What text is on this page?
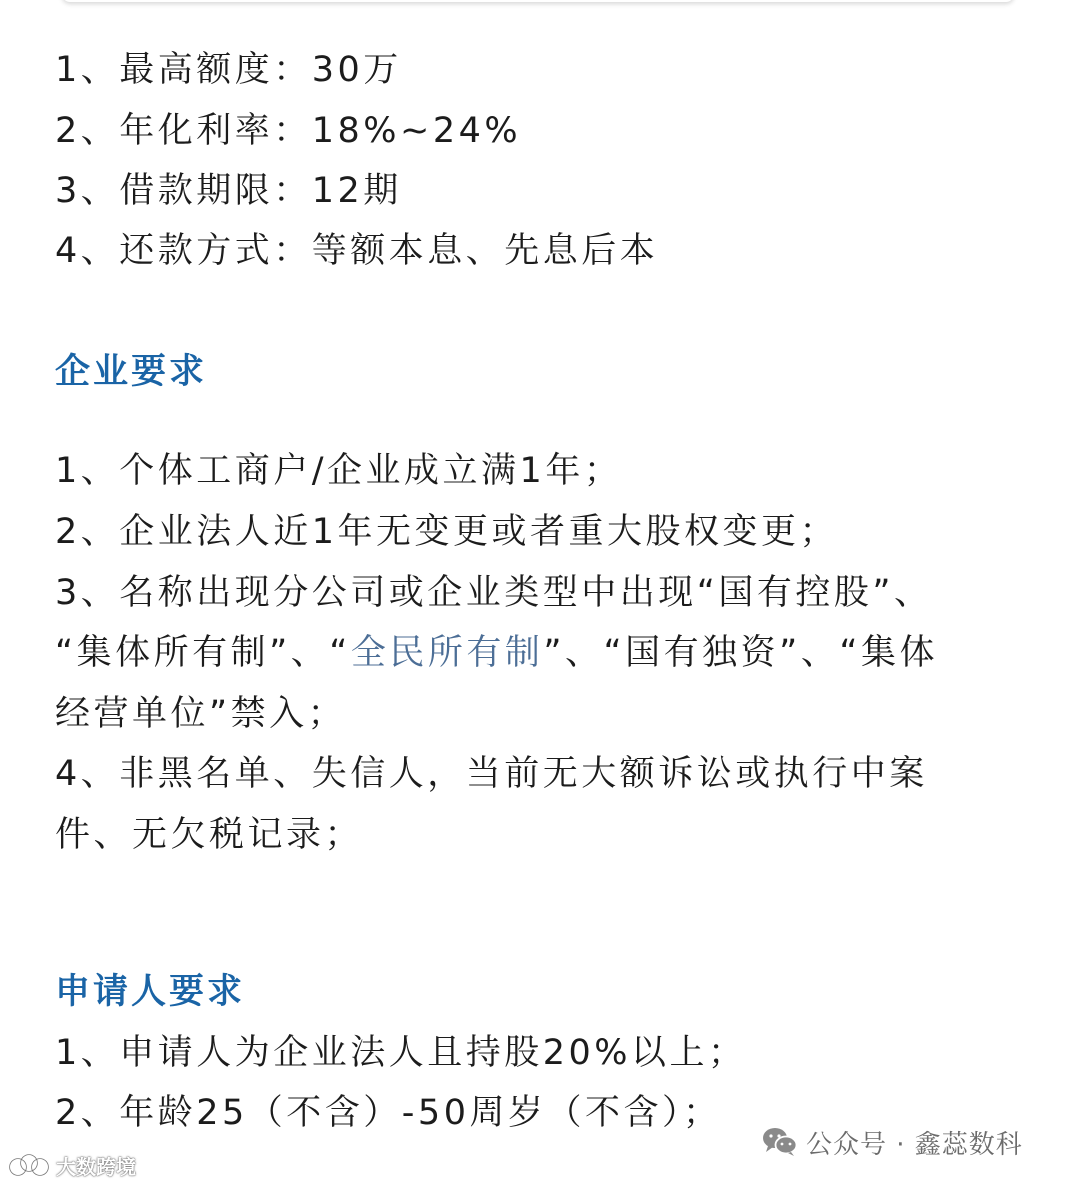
1、最高额度：30万
2、年化利率：18%~24%
3、借款期限：12期
4、还款方式：等额本息、先息后本
企业要求
1、个体工商户/企业成立满1年；
2、企业法人近1年无变更或者重大股权变更；
3、名称出现分公司或企业类型中出现“国有控股”、
“集体所有制”、“全民所有制”、“国有独资”、“集体
经营单位”禁入；
4、非黑名单、失信人，当前无大额诉讼或执行中案
件、无欠税记录；
申请人要求
1、申请人为企业法人且持股20%以上；
2、年龄25（不含）-50周岁（不含）；
大数跨境
公众号 · 鑫蕊数科
